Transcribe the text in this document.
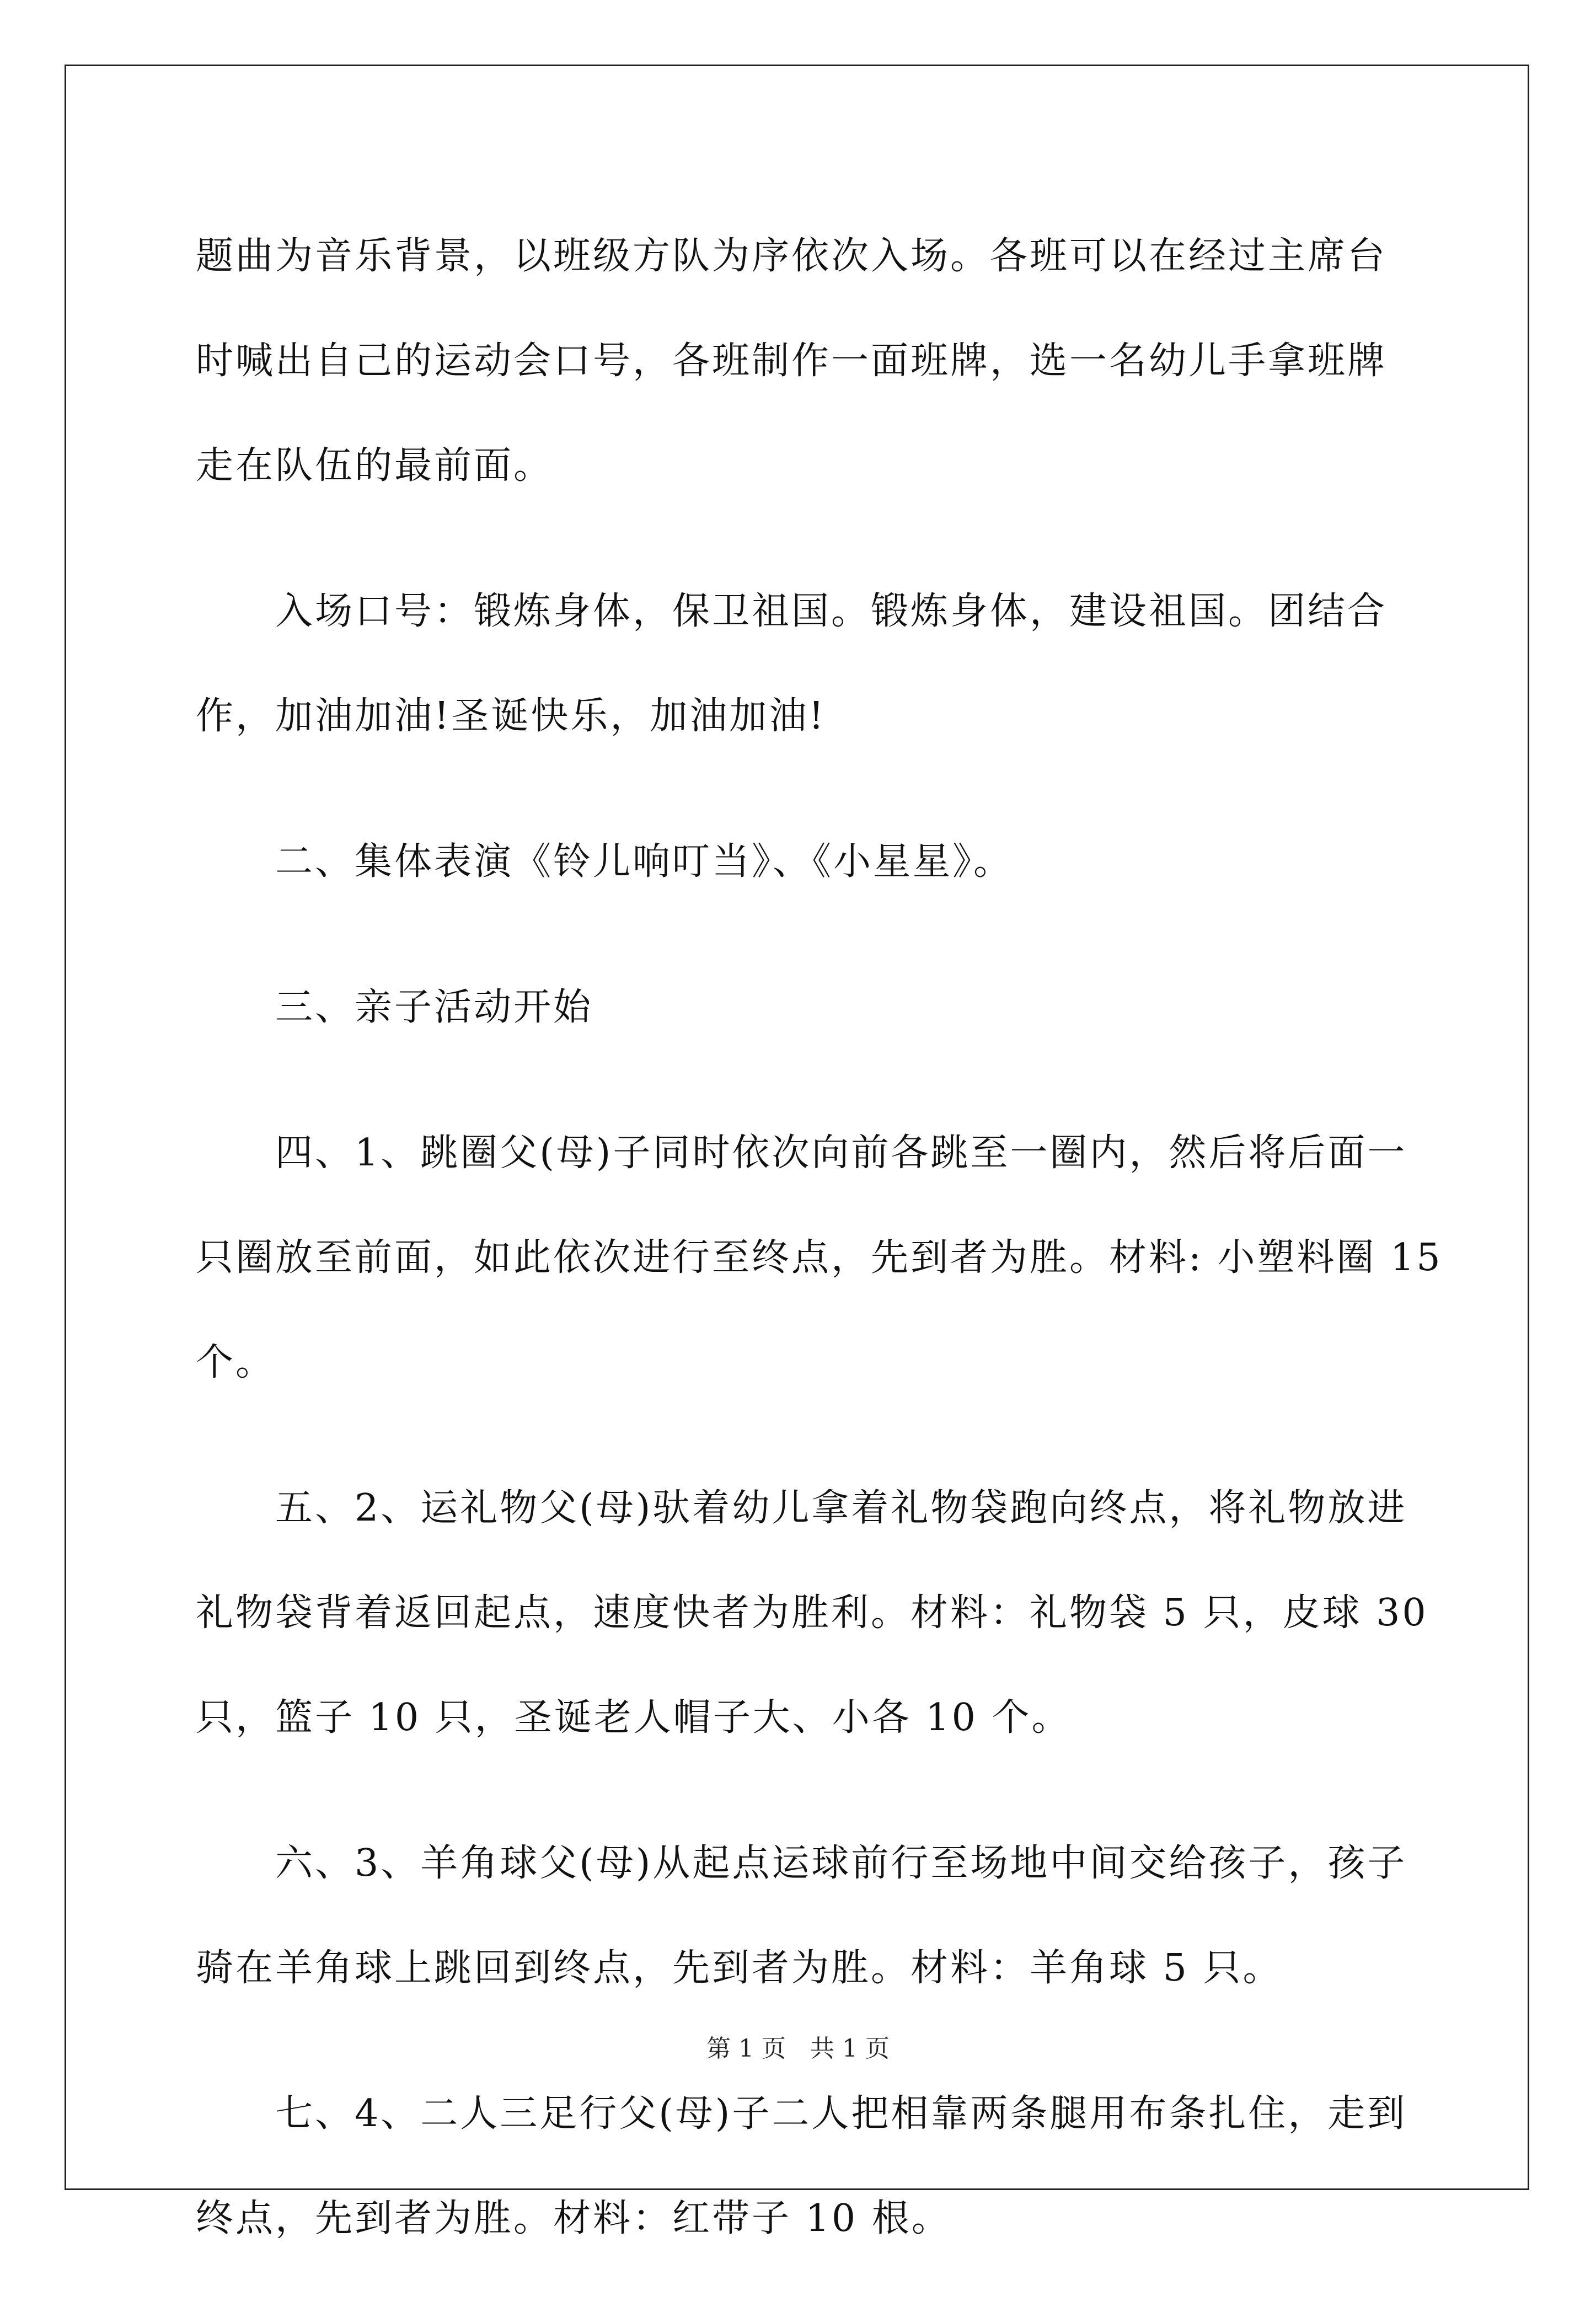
题曲为音乐背景，以班级方队为序依次入场。各班可以在经过主席台
时喊出自己的运动会口号，各班制作一面班牌，选一名幼儿手拿班牌
走在队伍的最前面。

　　入场口号：锻炼身体，保卫祖国。锻炼身体，建设祖国。团结合
作，加油加油!圣诞快乐，加油加油!

　　二、集体表演《铃儿响叮当》、《小星星》。

　　三、亲子活动开始

　　四、1、跳圈父(母)子同时依次向前各跳至一圈内，然后将后面一
只圈放至前面，如此依次进行至终点，先到者为胜。材料: 小塑料圈 15
个。

　　五、2、运礼物父(母)驮着幼儿拿着礼物袋跑向终点，将礼物放进
礼物袋背着返回起点，速度快者为胜利。材料：礼物袋 5 只，皮球 30
只，篮子 10 只，圣诞老人帽子大、小各 10 个。

　　六、3、羊角球父(母)从起点运球前行至场地中间交给孩子，孩子
骑在羊角球上跳回到终点，先到者为胜。材料：羊角球 5 只。

　　七、4、二人三足行父(母)子二人把相靠两条腿用布条扎住，走到
终点，先到者为胜。材料：红带子 10 根。

第 1 页　共 1 页
